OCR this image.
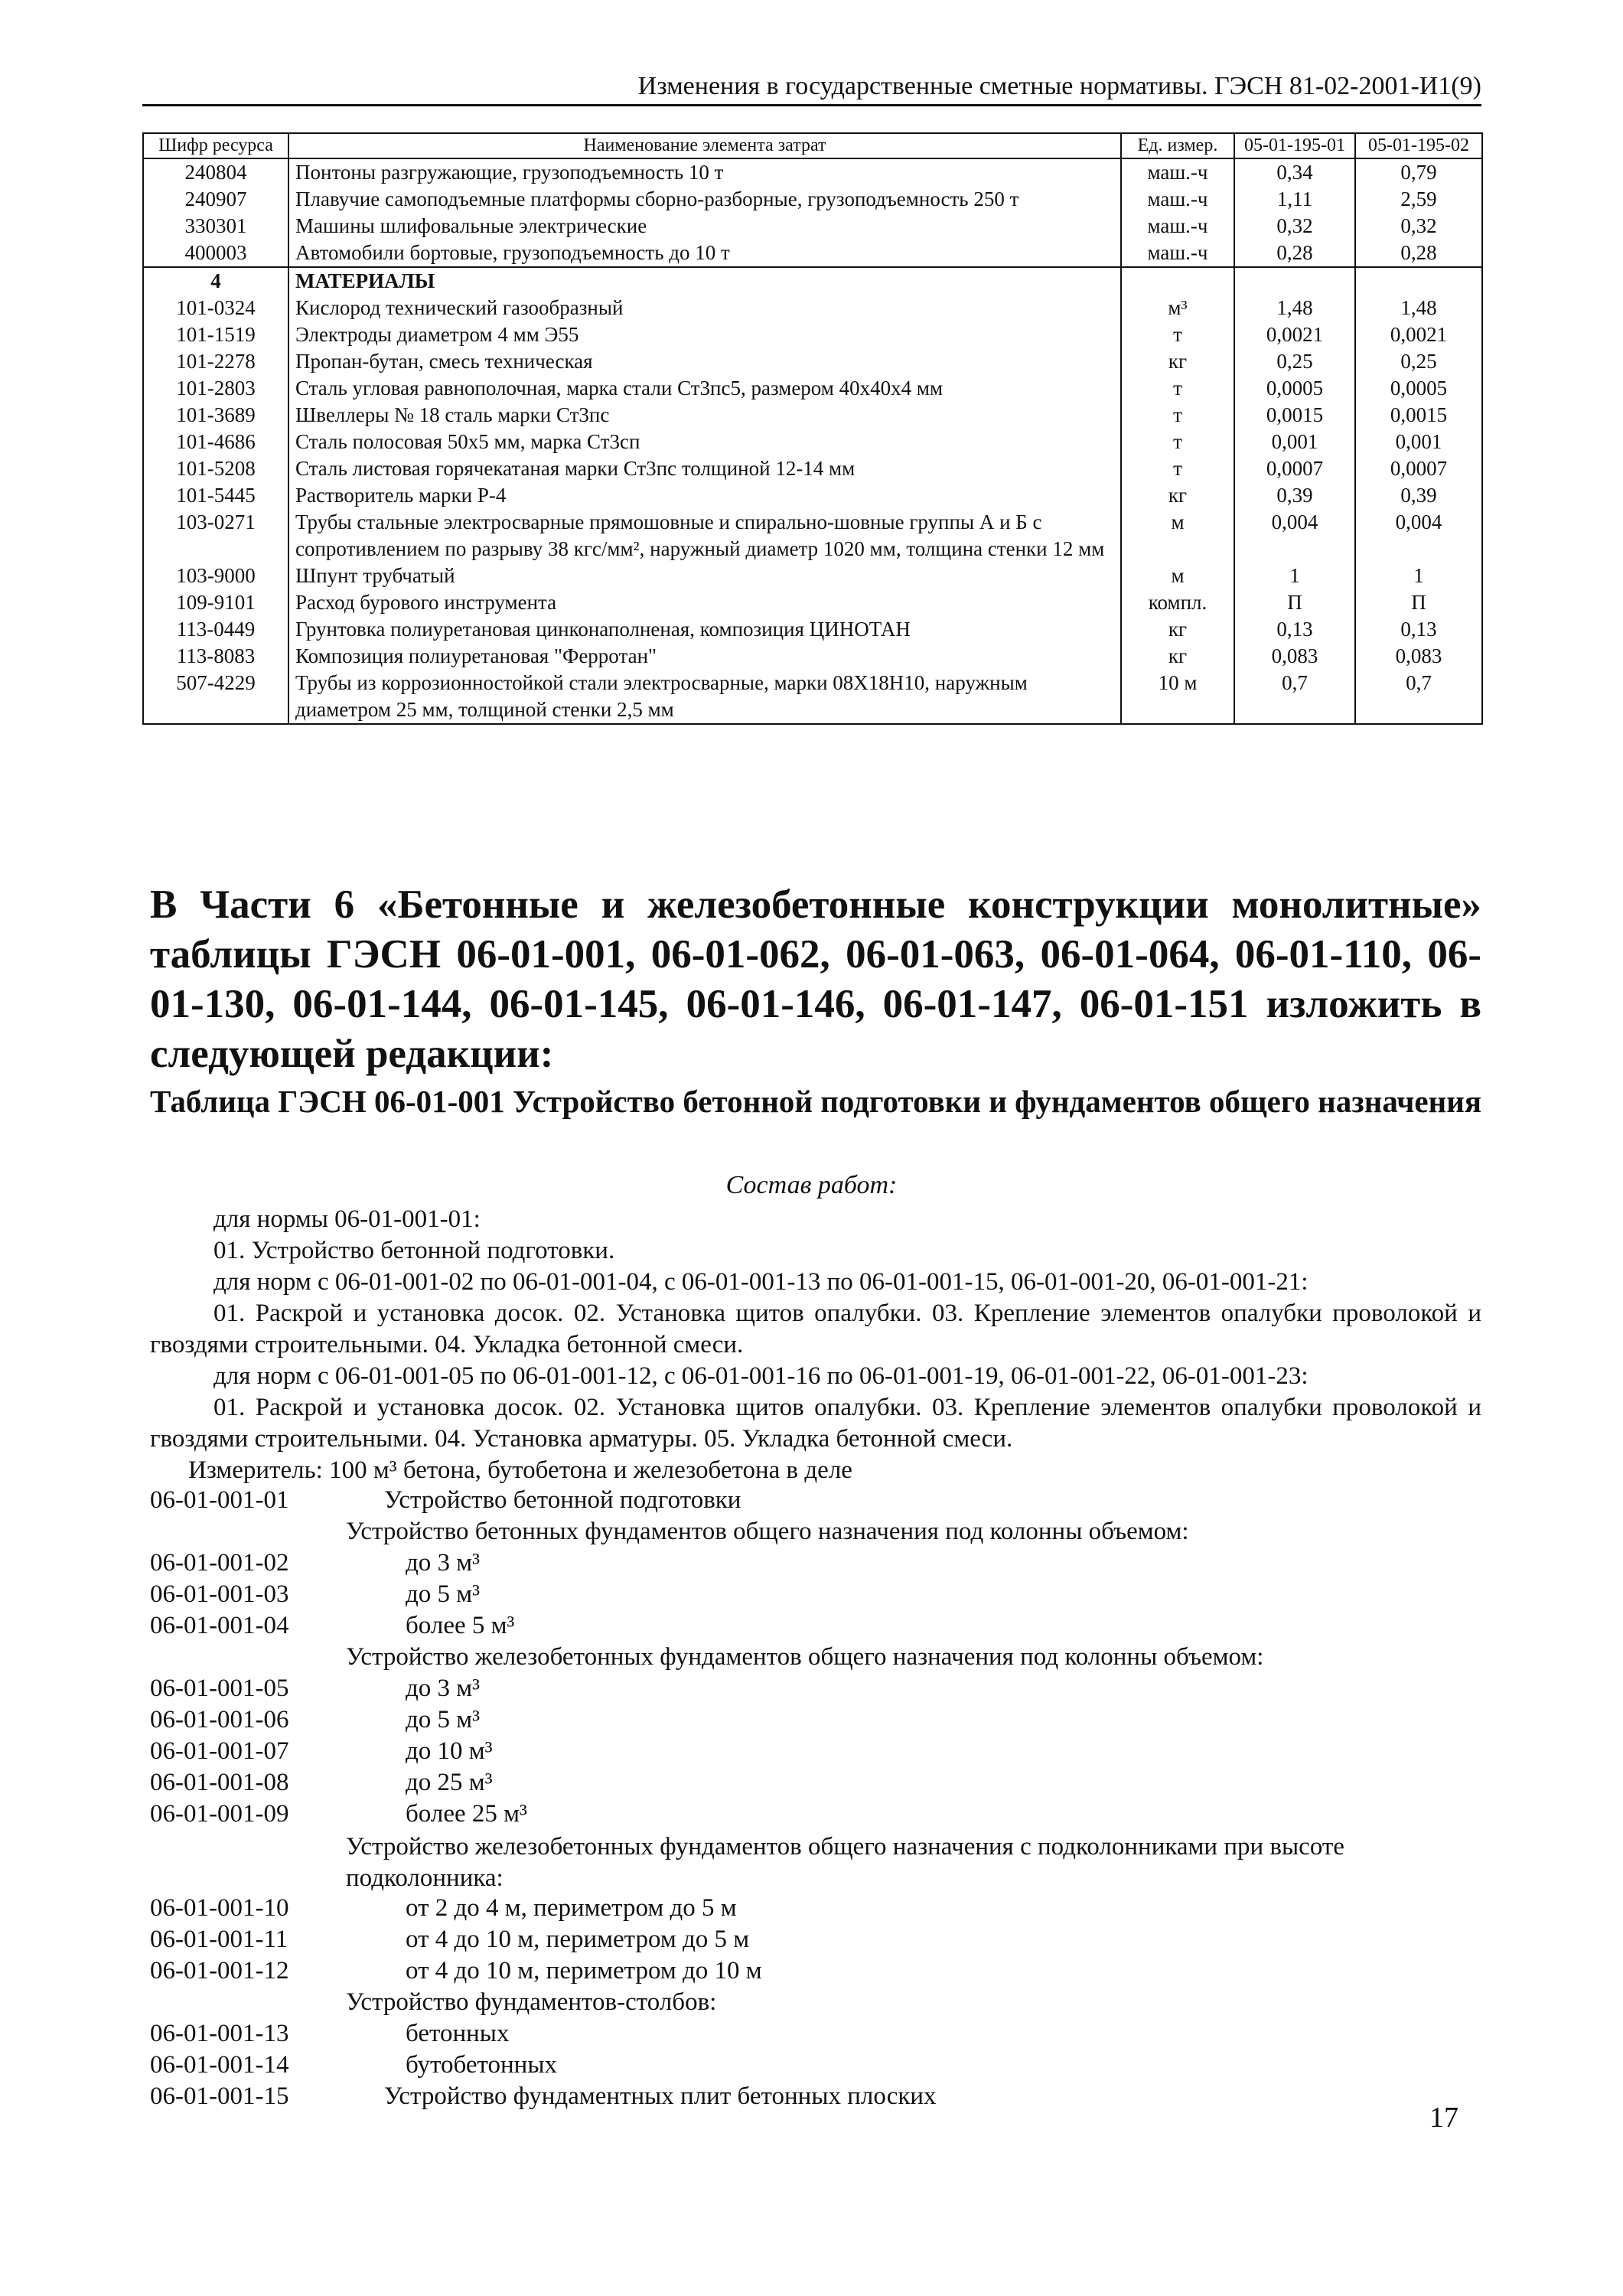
Изменения в государственные сметные нормативы. ГЭСН 81-02-2001-И1(9)
Шифр ресурса	Наименование элемента затрат	Ед. измер.	05-01-195-01	05-01-195-02
240804	Понтоны разгружающие, грузоподъемность 10 т	маш.-ч	0,34	0,79
240907	Плавучие самоподъемные платформы сборно-разборные, грузоподъемность 250 т	маш.-ч	1,11	2,59
330301	Машины шлифовальные электрические	маш.-ч	0,32	0,32
400003	Автомобили бортовые, грузоподъемность до 10 т	маш.-ч	0,28	0,28
4	МАТЕРИАЛЫ			
101-0324	Кислород технический газообразный	м³	1,48	1,48
101-1519	Электроды диаметром 4 мм Э55	т	0,0021	0,0021
101-2278	Пропан-бутан, смесь техническая	кг	0,25	0,25
101-2803	Сталь угловая равнополочная, марка стали Ст3пс5, размером 40х40х4 мм	т	0,0005	0,0005
101-3689	Швеллеры № 18 сталь марки Ст3пс	т	0,0015	0,0015
101-4686	Сталь полосовая 50х5 мм, марка Ст3сп	т	0,001	0,001
101-5208	Сталь листовая горячекатаная марки Ст3пс толщиной 12-14 мм	т	0,0007	0,0007
101-5445	Растворитель марки Р-4	кг	0,39	0,39
103-0271	Трубы стальные электросварные прямошовные и спирально-шовные группы А и Б с сопротивлением по разрыву 38 кгс/мм², наружный диаметр 1020 мм, толщина стенки 12 мм	м	0,004	0,004
103-9000	Шпунт трубчатый	м	1	1
109-9101	Расход бурового инструмента	компл.	П	П
113-0449	Грунтовка полиуретановая цинконаполненая, композиция ЦИНОТАН	кг	0,13	0,13
113-8083	Композиция полиуретановая "Ферротан"	кг	0,083	0,083
507-4229	Трубы из коррозионностойкой стали электросварные, марки 08Х18Н10, наружным диаметром 25 мм, толщиной стенки 2,5 мм	10 м	0,7	0,7
В Части 6 «Бетонные и железобетонные конструкции монолитные» таблицы ГЭСН 06-01-001, 06-01-062, 06-01-063, 06-01-064, 06-01-110, 06-01-130, 06-01-144, 06-01-145, 06-01-146, 06-01-147, 06-01-151 изложить в следующей редакции:
Таблица ГЭСН 06-01-001 Устройство бетонной подготовки и фундаментов общего назначения
Состав работ:
для нормы 06-01-001-01:
01. Устройство бетонной подготовки.
для норм с 06-01-001-02 по 06-01-001-04, с 06-01-001-13 по 06-01-001-15, 06-01-001-20, 06-01-001-21:
01. Раскрой и установка досок. 02. Установка щитов опалубки. 03. Крепление элементов опалубки проволокой и гвоздями строительными. 04. Укладка бетонной смеси.
для норм с 06-01-001-05 по 06-01-001-12, с 06-01-001-16 по 06-01-001-19, 06-01-001-22, 06-01-001-23:
01. Раскрой и установка досок. 02. Установка щитов опалубки. 03. Крепление элементов опалубки проволокой и гвоздями строительными. 04. Установка арматуры. 05. Укладка бетонной смеси.
Измеритель: 100 м³ бетона, бутобетона и железобетона в деле
06-01-001-01	Устройство бетонной подготовки
Устройство бетонных фундаментов общего назначения под колонны объемом:
06-01-001-02	до 3 м³
06-01-001-03	до 5 м³
06-01-001-04	более 5 м³
Устройство железобетонных фундаментов общего назначения под колонны объемом:
06-01-001-05	до 3 м³
06-01-001-06	до 5 м³
06-01-001-07	до 10 м³
06-01-001-08	до 25 м³
06-01-001-09	более 25 м³
Устройство железобетонных фундаментов общего назначения с подколонниками при высоте подколонника:
06-01-001-10	от 2 до 4 м, периметром до 5 м
06-01-001-11	от 4 до 10 м, периметром до 5 м
06-01-001-12	от 4 до 10 м, периметром до 10 м
Устройство фундаментов-столбов:
06-01-001-13	бетонных
06-01-001-14	бутобетонных
06-01-001-15	Устройство фундаментных плит бетонных плоских
17
